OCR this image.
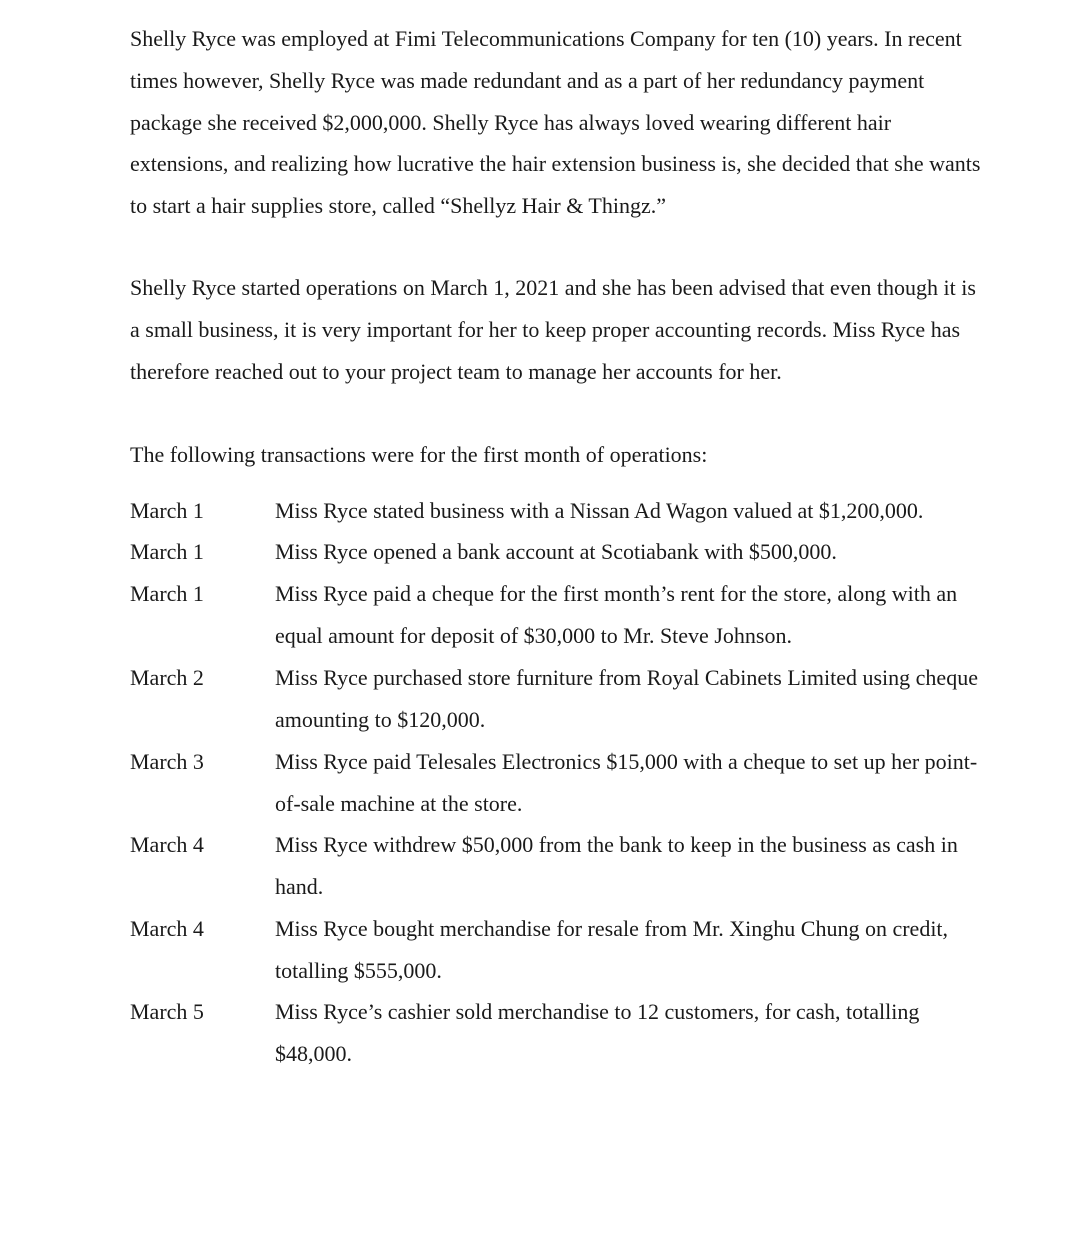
Shelly Ryce was employed at Fimi Telecommunications Company for ten (10) years. In recent
times however, Shelly Ryce was made redundant and as a part of her redundancy payment
package she received $2,000,000. Shelly Ryce has always loved wearing different hair
extensions, and realizing how lucrative the hair extension business is, she decided that she wants
to start a hair supplies store, called “Shellyz Hair & Thingz.”

Shelly Ryce started operations on March 1, 2021 and she has been advised that even though it is
a small business, it is very important for her to keep proper accounting records. Miss Ryce has
therefore reached out to your project team to manage her accounts for her.

The following transactions were for the first month of operations:

March 1	Miss Ryce stated business with a Nissan Ad Wagon valued at $1,200,000.
March 1	Miss Ryce opened a bank account at Scotiabank with $500,000.
March 1	Miss Ryce paid a cheque for the first month’s rent for the store, along with an
equal amount for deposit of $30,000 to Mr. Steve Johnson.
March 2	Miss Ryce purchased store furniture from Royal Cabinets Limited using cheque
amounting to $120,000.
March 3	Miss Ryce paid Telesales Electronics $15,000 with a cheque to set up her point-
of-sale machine at the store.
March 4	Miss Ryce withdrew $50,000 from the bank to keep in the business as cash in
hand.
March 4	Miss Ryce bought merchandise for resale from Mr. Xinghu Chung on credit,
totalling $555,000.
March 5	Miss Ryce’s cashier sold merchandise to 12 customers, for cash, totalling
$48,000.
